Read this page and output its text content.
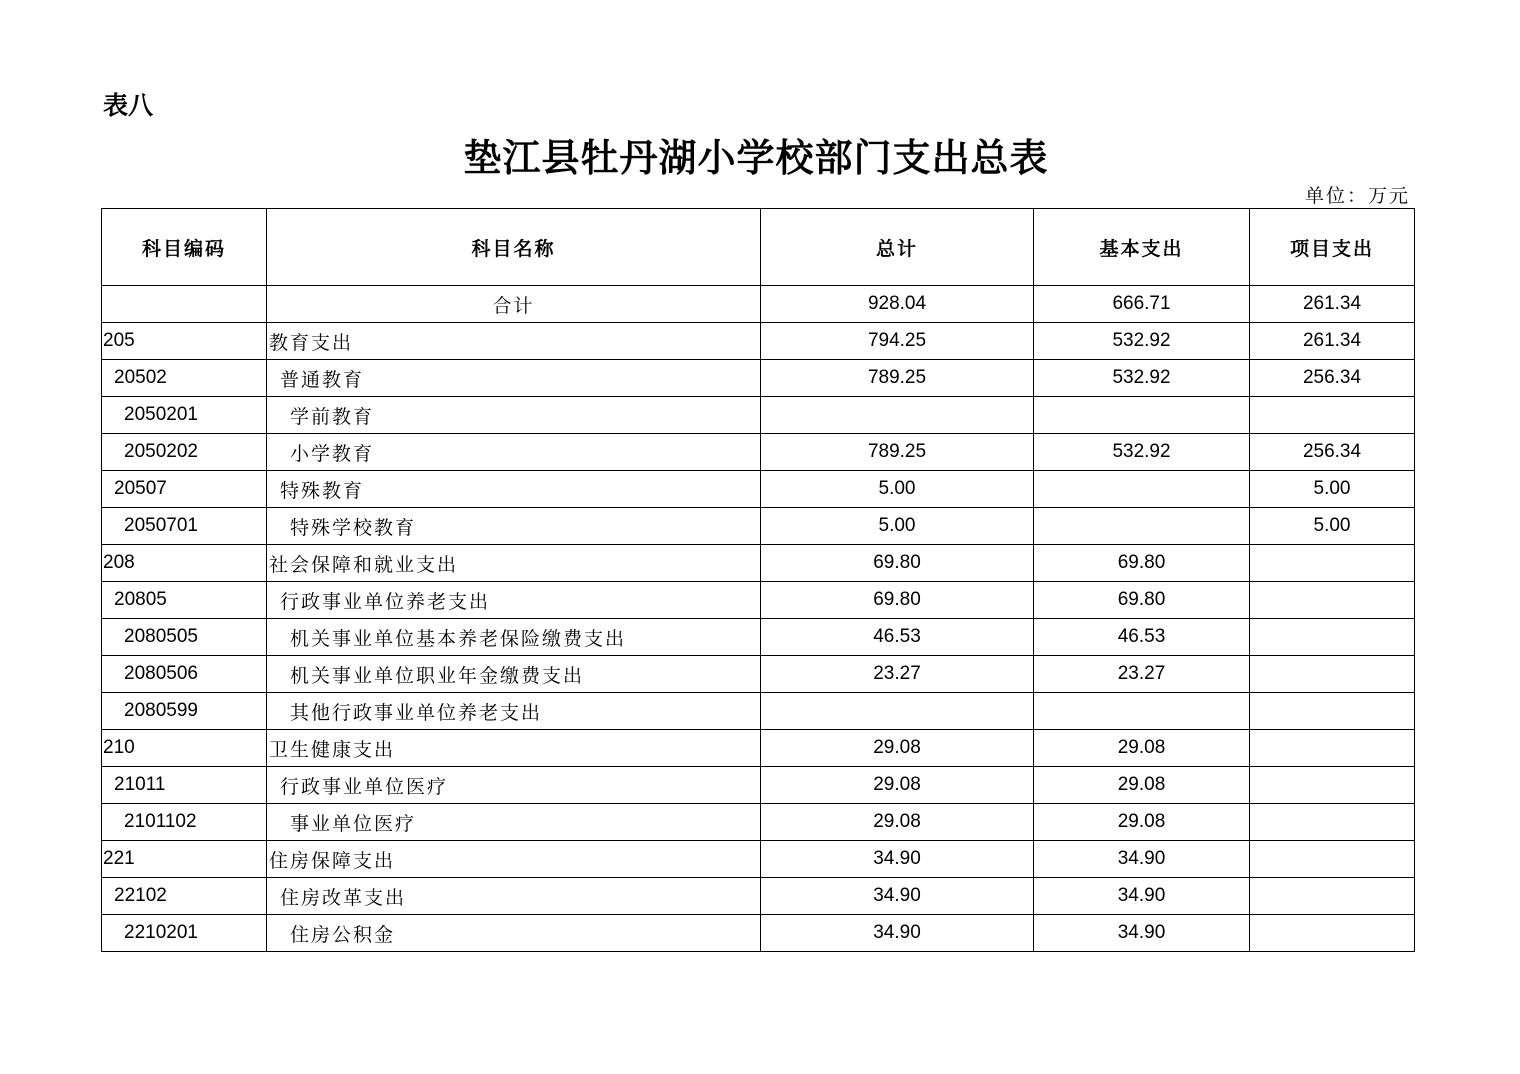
表八
垫江县牡丹湖小学校部门支出总表
单位：万元
科目编码	科目名称	总计	基本支出	项目支出
	合计	928.04	666.71	261.34
205	教育支出	794.25	532.92	261.34
20502	普通教育	789.25	532.92	256.34
2050201	学前教育			
2050202	小学教育	789.25	532.92	256.34
20507	特殊教育	5.00		5.00
2050701	特殊学校教育	5.00		5.00
208	社会保障和就业支出	69.80	69.80	
20805	行政事业单位养老支出	69.80	69.80	
2080505	机关事业单位基本养老保险缴费支出	46.53	46.53	
2080506	机关事业单位职业年金缴费支出	23.27	23.27	
2080599	其他行政事业单位养老支出			
210	卫生健康支出	29.08	29.08	
21011	行政事业单位医疗	29.08	29.08	
2101102	事业单位医疗	29.08	29.08	
221	住房保障支出	34.90	34.90	
22102	住房改革支出	34.90	34.90	
2210201	住房公积金	34.90	34.90	
